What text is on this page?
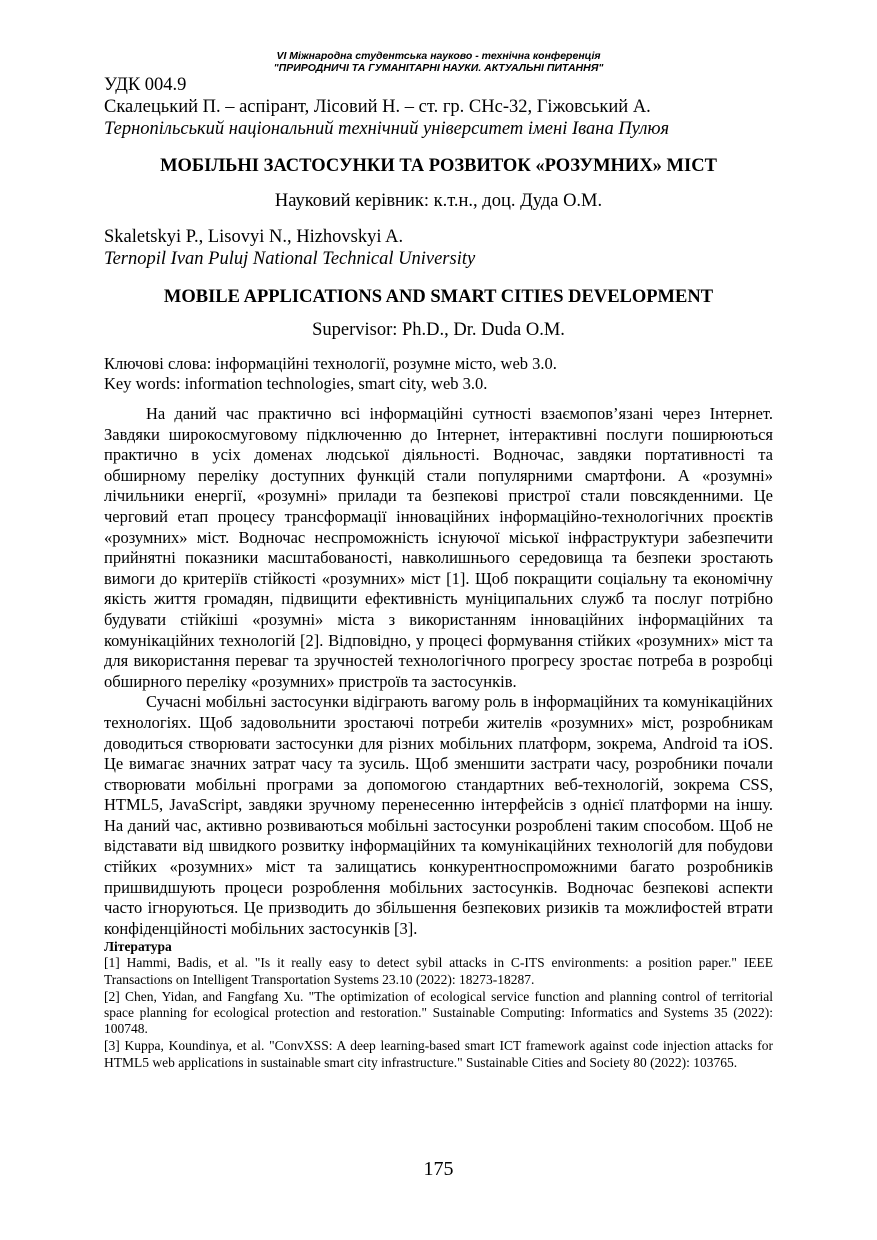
VI Міжнародна студентська науково - технічна конференція
"ПРИРОДНИЧІ ТА ГУМАНІТАРНІ НАУКИ. АКТУАЛЬНІ ПИТАННЯ"
УДК 004.9
Скалецький П. – аспірант, Лісовий Н. – ст. гр. СНс-32, Гіжовський А.
Тернопільський національний технічний університет імені Івана Пулюя
МОБІЛЬНІ ЗАСТОСУНКИ ТА РОЗВИТОК «РОЗУМНИХ» МІСТ
Науковий керівник: к.т.н., доц. Дуда О.М.
Skaletskyi P., Lisovyi N., Hizhovskyi A.
Ternopil Ivan Puluj National Technical University
MOBILE APPLICATIONS AND SMART CITIES DEVELOPMENT
Supervisor: Ph.D., Dr. Duda O.M.
Ключові слова: інформаційні технології, розумне місто, web 3.0.
Key words: information technologies, smart city, web 3.0.

На даний час практично всі інформаційні сутності взаємопов’язані через Інтернет. Завдяки широкосмуговому підключенню до Інтернет, інтерактивні послуги поширюються практично в усіх доменах людської діяльності. Водночас, завдяки портативності та обширному переліку доступних функцій стали популярними смартфони. А «розумні» лічильники енергії, «розумні» прилади та безпекові пристрої стали повсякденними. Це черговий етап процесу трансформації інноваційних інформаційно-технологічних проєктів «розумних» міст. Водночас неспроможність існуючої міської інфраструктури забезпечити прийнятні показники масштабованості, навколишнього середовища та безпеки зростають вимоги до критеріїв стійкості «розумних» міст [1]. Щоб покращити соціальну та економічну якість життя громадян, підвищити ефективність муніципальних служб та послуг потрібно будувати стійкіші «розумні» міста з використанням інноваційних інформаційних та комунікаційних технологій [2]. Відповідно, у процесі формування стійких «розумних» міст та для використання переваг та зручностей технологічного прогресу зростає потреба в розробці обширного переліку «розумних» пристроїв та застосунків.

Сучасні мобільні застосунки відіграють вагому роль в інформаційних та комунікаційних технологіях. Щоб задовольнити зростаючі потреби жителів «розумних» міст, розробникам доводиться створювати застосунки для різних мобільних платформ, зокрема, Android та iOS. Це вимагає значних затрат часу та зусиль. Щоб зменшити застрати часу, розробники почали створювати мобільні програми за допомогою стандартних веб-технологій, зокрема CSS, HTML5, JavaScript, завдяки зручному перенесенню інтерфейсів з однієї платформи на іншу. На даний час, активно розвиваються мобільні застосунки розроблені таким способом. Щоб не відставати від швидкого розвитку інформаційних та комунікаційних технологій для побудови стійких «розумних» міст та залищатись конкурентноспроможними багато розробників пришвидшують процеси розроблення мобільних застосунків. Водночас безпекові аспекти часто ігноруються. Це призводить до збільшення безпекових ризиків та можлифостей втрати конфіденційності мобільних застосунків [3].

Література
[1] Hammi, Badis, et al. "Is it really easy to detect sybil attacks in C-ITS environments: a position paper." IEEE Transactions on Intelligent Transportation Systems 23.10 (2022): 18273-18287.
[2] Chen, Yidan, and Fangfang Xu. "The optimization of ecological service function and planning control of territorial space planning for ecological protection and restoration." Sustainable Computing: Informatics and Systems 35 (2022): 100748.
[3] Kuppa, Koundinya, et al. "ConvXSS: A deep learning-based smart ICT framework against code injection attacks for HTML5 web applications in sustainable smart city infrastructure." Sustainable Cities and Society 80 (2022): 103765.
175
